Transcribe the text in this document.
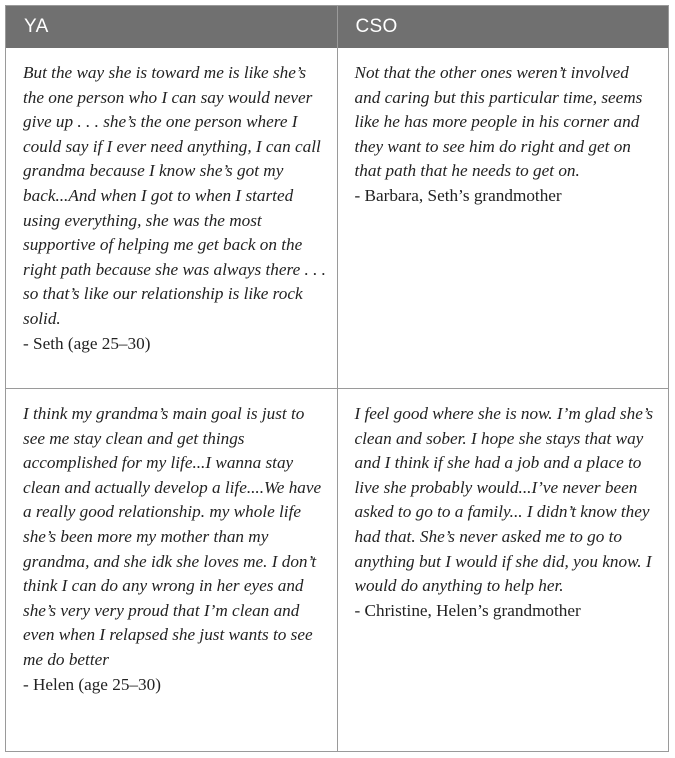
YA	CSO
But the way she is toward me is like she’s the one person who I can say would never give up . . . she’s the one person where I could say if I ever need anything, I can call grandma because I know she’s got my back...And when I got to when I started using everything, she was the most supportive of helping me get back on the right path because she was always there . . . so that’s like our relationship is like rock solid.
- Seth (age 25–30)
Not that the other ones weren’t involved and caring but this particular time, seems like he has more people in his corner and they want to see him do right and get on that path that he needs to get on.
- Barbara, Seth’s grandmother
I think my grandma’s main goal is just to see me stay clean and get things accomplished for my life...I wanna stay clean and actually develop a life....We have a really good relationship. my whole life she’s been more my mother than my grandma, and she idk she loves me. I don’t think I can do any wrong in her eyes and she’s very very proud that I’m clean and even when I relapsed she just wants to see me do better
- Helen (age 25–30)
I feel good where she is now. I’m glad she’s clean and sober. I hope she stays that way and I think if she had a job and a place to live she probably would...I’ve never been asked to go to a family... I didn’t know they had that. She’s never asked me to go to anything but I would if she did, you know. I would do anything to help her.
- Christine, Helen’s grandmother
